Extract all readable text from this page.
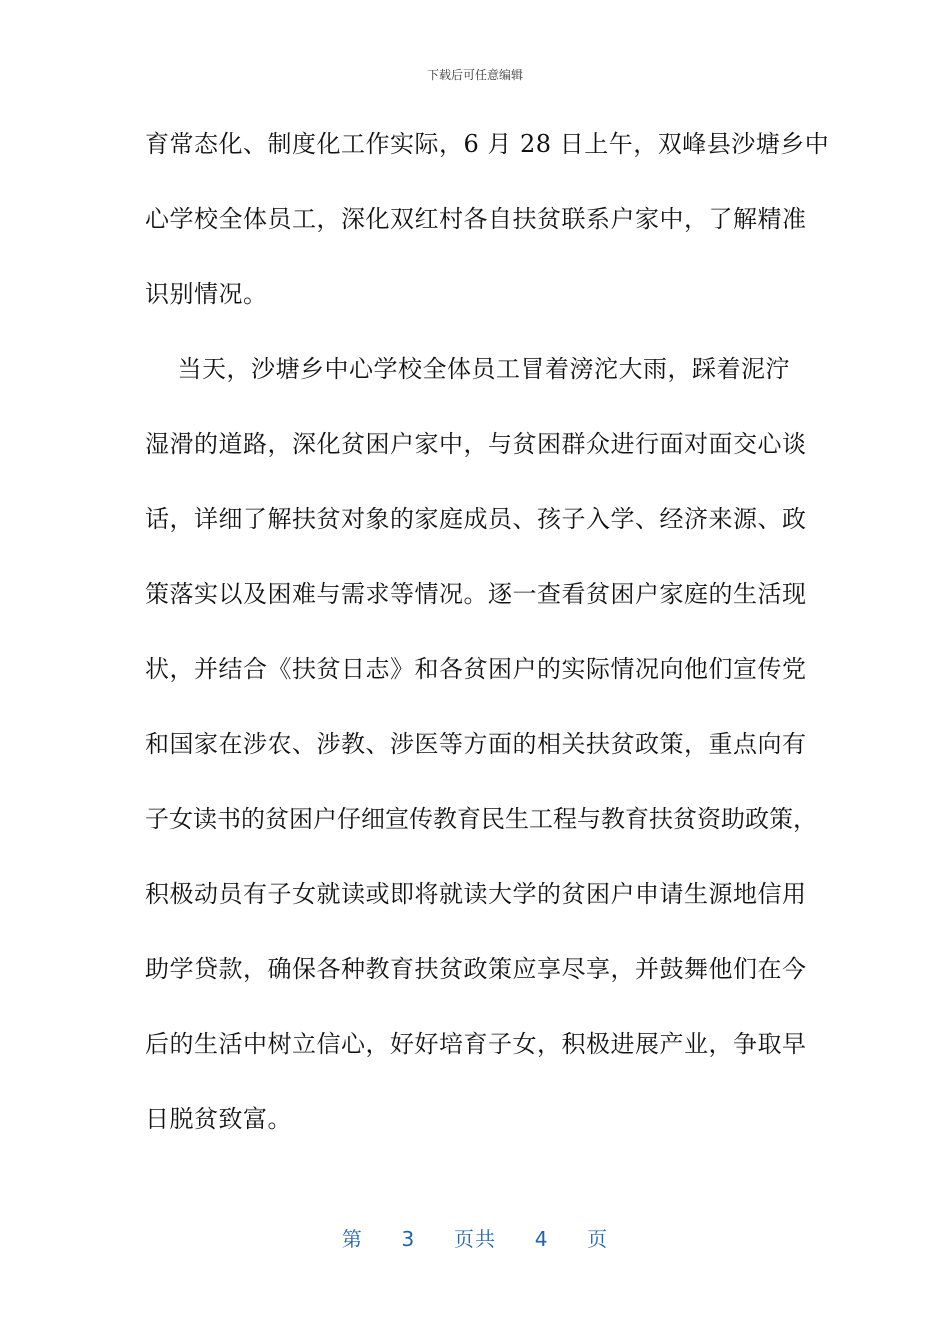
下载后可任意编辑
育常态化、制度化工作实际，6 月 28 日上午，双峰县沙塘乡中
心学校全体员工，深化双红村各自扶贫联系户家中，了解精准
识别情况。
当天，沙塘乡中心学校全体员工冒着滂沱大雨，踩着泥泞
湿滑的道路，深化贫困户家中，与贫困群众进行面对面交心谈
话，详细了解扶贫对象的家庭成员、孩子入学、经济来源、政
策落实以及困难与需求等情况。逐一查看贫困户家庭的生活现
状，并结合《扶贫日志》和各贫困户的实际情况向他们宣传党
和国家在涉农、涉教、涉医等方面的相关扶贫政策，重点向有
子女读书的贫困户仔细宣传教育民生工程与教育扶贫资助政策，
积极动员有子女就读或即将就读大学的贫困户申请生源地信用
助学贷款，确保各种教育扶贫政策应享尽享，并鼓舞他们在今
后的生活中树立信心，好好培育子女，积极进展产业，争取早
日脱贫致富。
第 3 页共 4 页
